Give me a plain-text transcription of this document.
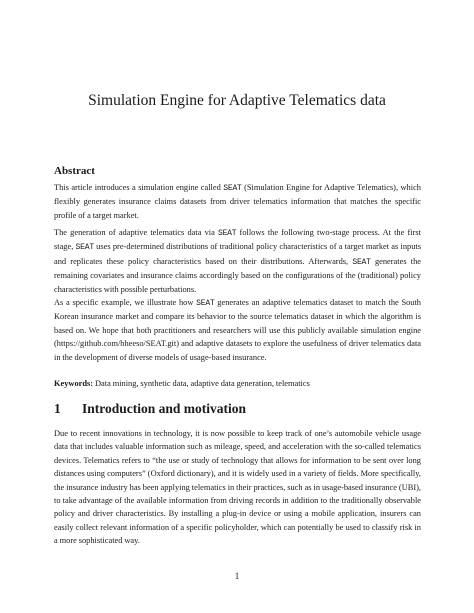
Simulation Engine for Adaptive Telematics data
Abstract

This article introduces a simulation engine called SEAT (Simulation Engine for Adaptive Telematics), which flexibly generates insurance claims datasets from driver telematics information that matches the specific profile of a target market.

The generation of adaptive telematics data via SEAT follows the following two-stage process. At the first stage, SEAT uses pre-determined distributions of traditional policy characteristics of a target market as inputs and replicates these policy characteristics based on their distributions. Afterwards, SEAT generates the remaining covariates and insurance claims accordingly based on the configurations of the (traditional) policy characteristics with possible perturbations.

As a specific example, we illustrate how SEAT generates an adaptive telematics dataset to match the South Korean insurance market and compare its behavior to the source telematics dataset in which the algorithm is based on. We hope that both practitioners and researchers will use this publicly available simulation engine (https://github.com/bheeso/SEAT.git) and adaptive datasets to explore the usefulness of driver telematics data in the development of diverse models of usage-based insurance.

Keywords: Data mining, synthetic data, adaptive data generation, telematics

1 Introduction and motivation

Due to recent innovations in technology, it is now possible to keep track of one’s automobile vehicle usage data that includes valuable information such as mileage, speed, and acceleration with the so-called telematics devices. Telematics refers to “the use or study of technology that allows for information to be sent over long distances using computers” (Oxford dictionary), and it is widely used in a variety of fields. More specifically, the insurance industry has been applying telematics in their practices, such as in usage-based insurance (UBI), to take advantage of the available information from driving records in addition to the traditionally observable policy and driver characteristics. By installing a plug-in device or using a mobile application, insurers can easily collect relevant information of a specific policyholder, which can potentially be used to classify risk in a more sophisticated way.

1
